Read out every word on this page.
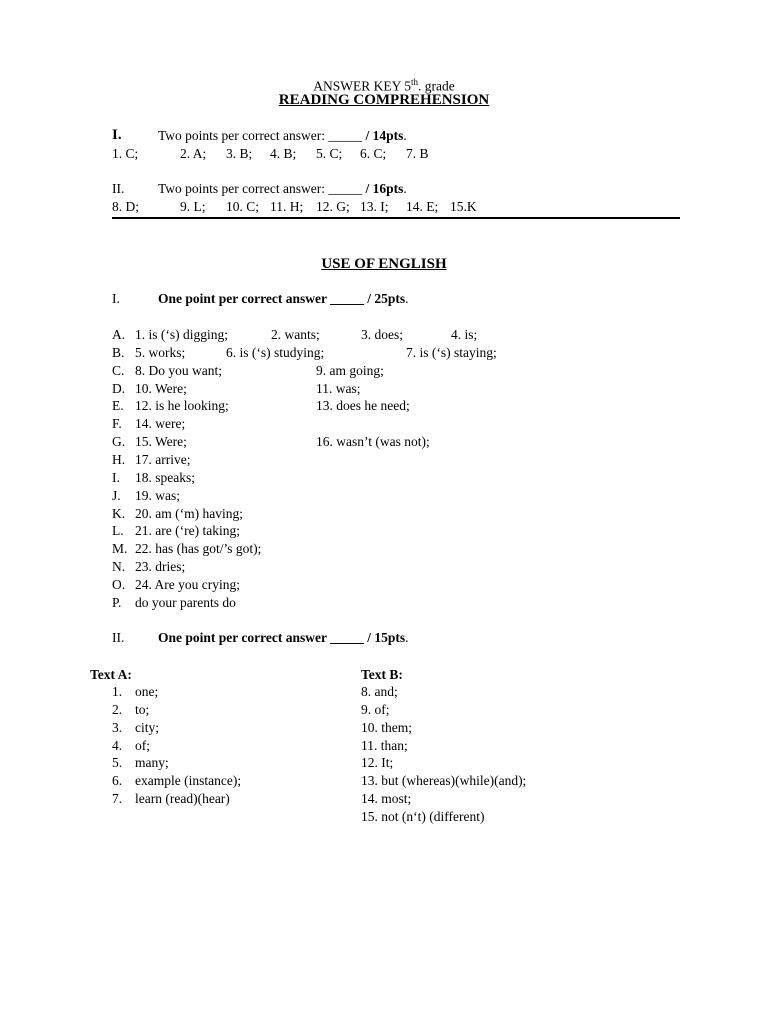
ANSWER KEY 5th. grade
READING COMPREHENSION
I.	Two points per correct answer: _____ / 14pts.
1. C;	2. A; 3. B; 4. B; 5. C; 6. C; 7. B
II. Two points per correct answer: _____ / 16pts.
8. D;	9. L; 10. C; 11. H; 12. G; 13. I; 14. E; 15.K
USE OF ENGLISH
I.	One point per correct answer _____ / 25pts.
A. 1. is (‘s) digging;	2. wants;	3. does;	4. is;
B. 5. works;	6. is (‘s) studying;	7. is (‘s) staying;
C. 8. Do you want;	9. am going;
D. 10. Were;	11. was;
E. 12. is he looking;	13. does he need;
F. 14. were;
G. 15. Were;	16. wasn’t (was not);
H. 17. arrive;
I. 18. speaks;
J. 19. was;
K. 20. am (‘m) having;
L. 21. are (‘re) taking;
M. 22. has (has got/’s got);
N. 23. dries;
O. 24. Are you crying;
P. do your parents do
II. One point per correct answer _____ / 15pts.
Text A:	Text B:
1. one;
2. to;
3. city;
4. of;
5. many;
6. example (instance);
7. learn (read)(hear)
8. and;
9. of;
10. them;
11. than;
12. It;
13. but (whereas)(while)(and);
14. most;
15. not (n‘t) (different)
